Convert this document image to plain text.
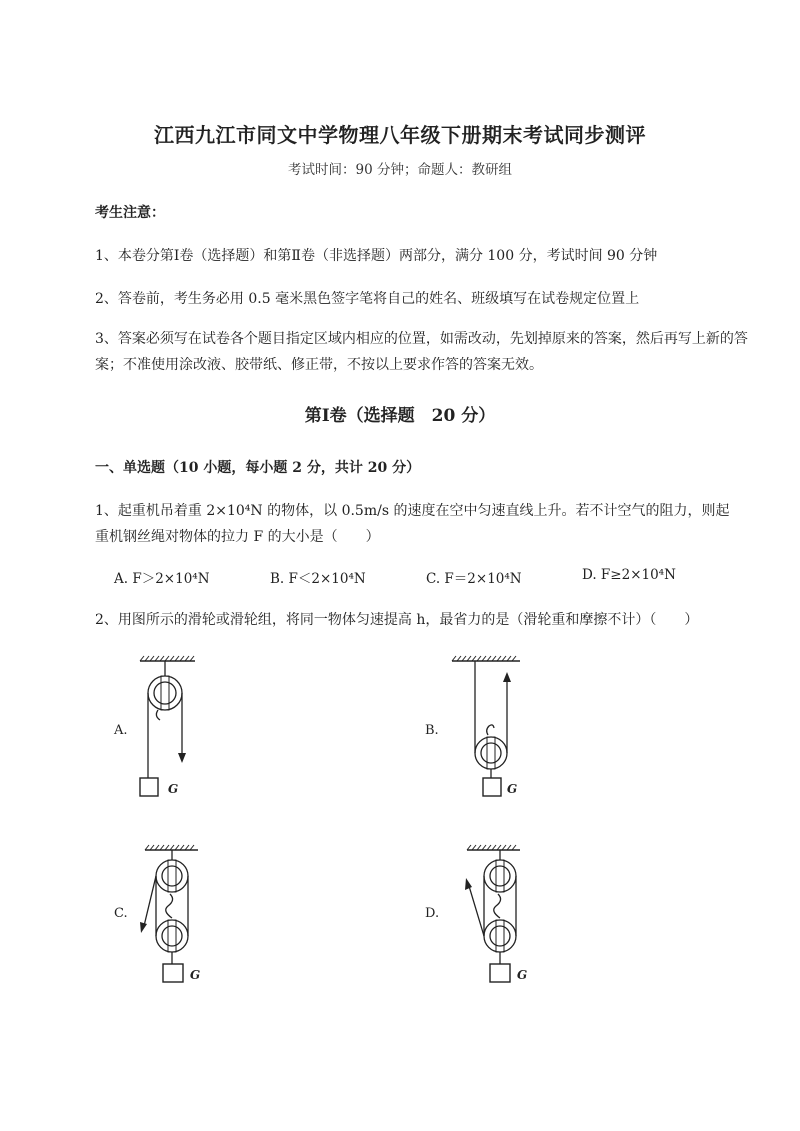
江西九江市同文中学物理八年级下册期末考试同步测评
考试时间：90 分钟；命题人：教研组
考生注意：
1、本卷分第Ⅰ卷（选择题）和第Ⅱ卷（非选择题）两部分，满分 100 分，考试时间 90 分钟
2、答卷前，考生务必用 0.5 毫米黑色签字笔将自己的姓名、班级填写在试卷规定位置上
3、答案必须写在试卷各个题目指定区域内相应的位置，如需改动，先划掉原来的答案，然后再写上新的答案；不准使用涂改液、胶带纸、修正带，不按以上要求作答的答案无效。
第Ⅰ卷（选择题　20 分）
一、单选题（10 小题，每小题 2 分，共计 20 分）
1、起重机吊着重 2×10⁴N 的物体，以 0.5m/s 的速度在空中匀速直线上升。若不计空气的阻力，则起
重机钢丝绳对物体的拉力 F 的大小是（　　）
A. F＞2×10⁴N	B. F＜2×10⁴N	C. F＝2×10⁴N	D. F≥2×10⁴N
2、用图所示的滑轮或滑轮组，将同一物体匀速提高 h，最省力的是（滑轮重和摩擦不计）（　　）
A.	B.
C.	D.
G	G
G	G
